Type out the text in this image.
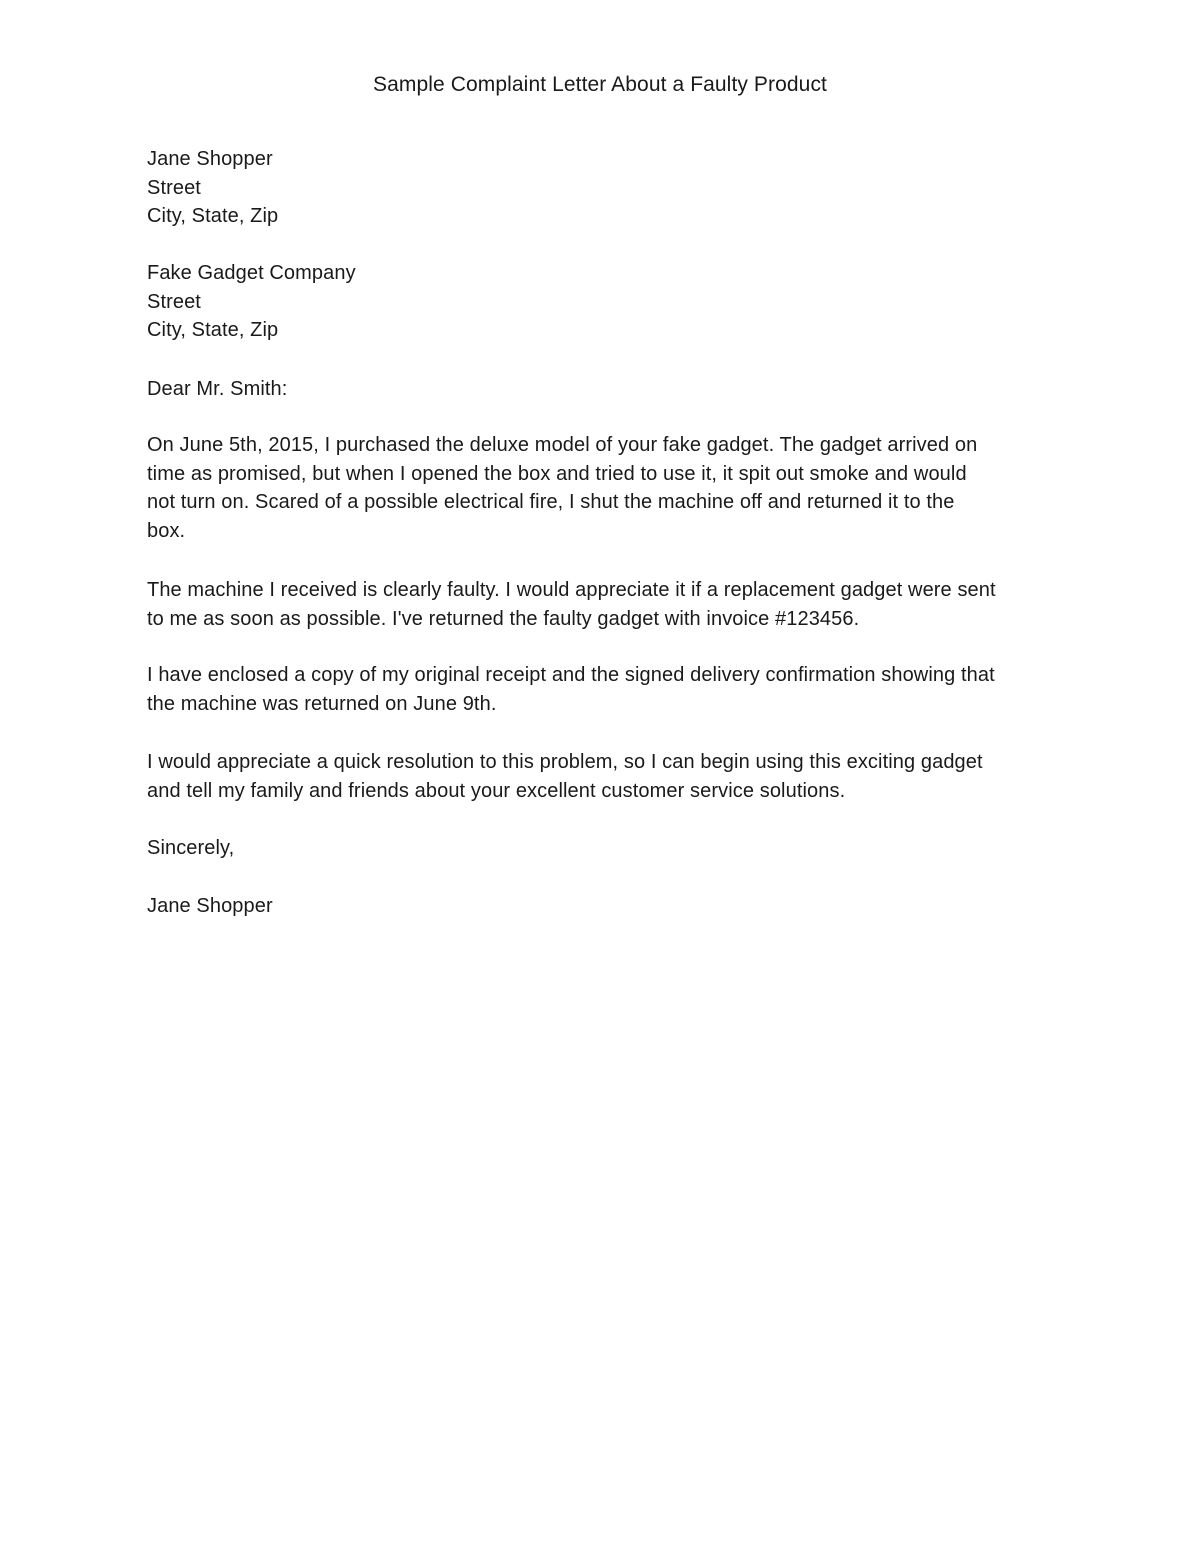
Sample Complaint Letter About a Faulty Product
Jane Shopper
Street
City, State, Zip
Fake Gadget Company
Street
City, State, Zip
Dear Mr. Smith:
On June 5th, 2015, I purchased the deluxe model of your fake gadget. The gadget arrived on
time as promised, but when I opened the box and tried to use it, it spit out smoke and would
not turn on. Scared of a possible electrical fire, I shut the machine off and returned it to the
box.
The machine I received is clearly faulty. I would appreciate it if a replacement gadget were sent
to me as soon as possible. I've returned the faulty gadget with invoice #123456.
I have enclosed a copy of my original receipt and the signed delivery confirmation showing that
the machine was returned on June 9th.
I would appreciate a quick resolution to this problem, so I can begin using this exciting gadget
and tell my family and friends about your excellent customer service solutions.
Sincerely,
Jane Shopper
